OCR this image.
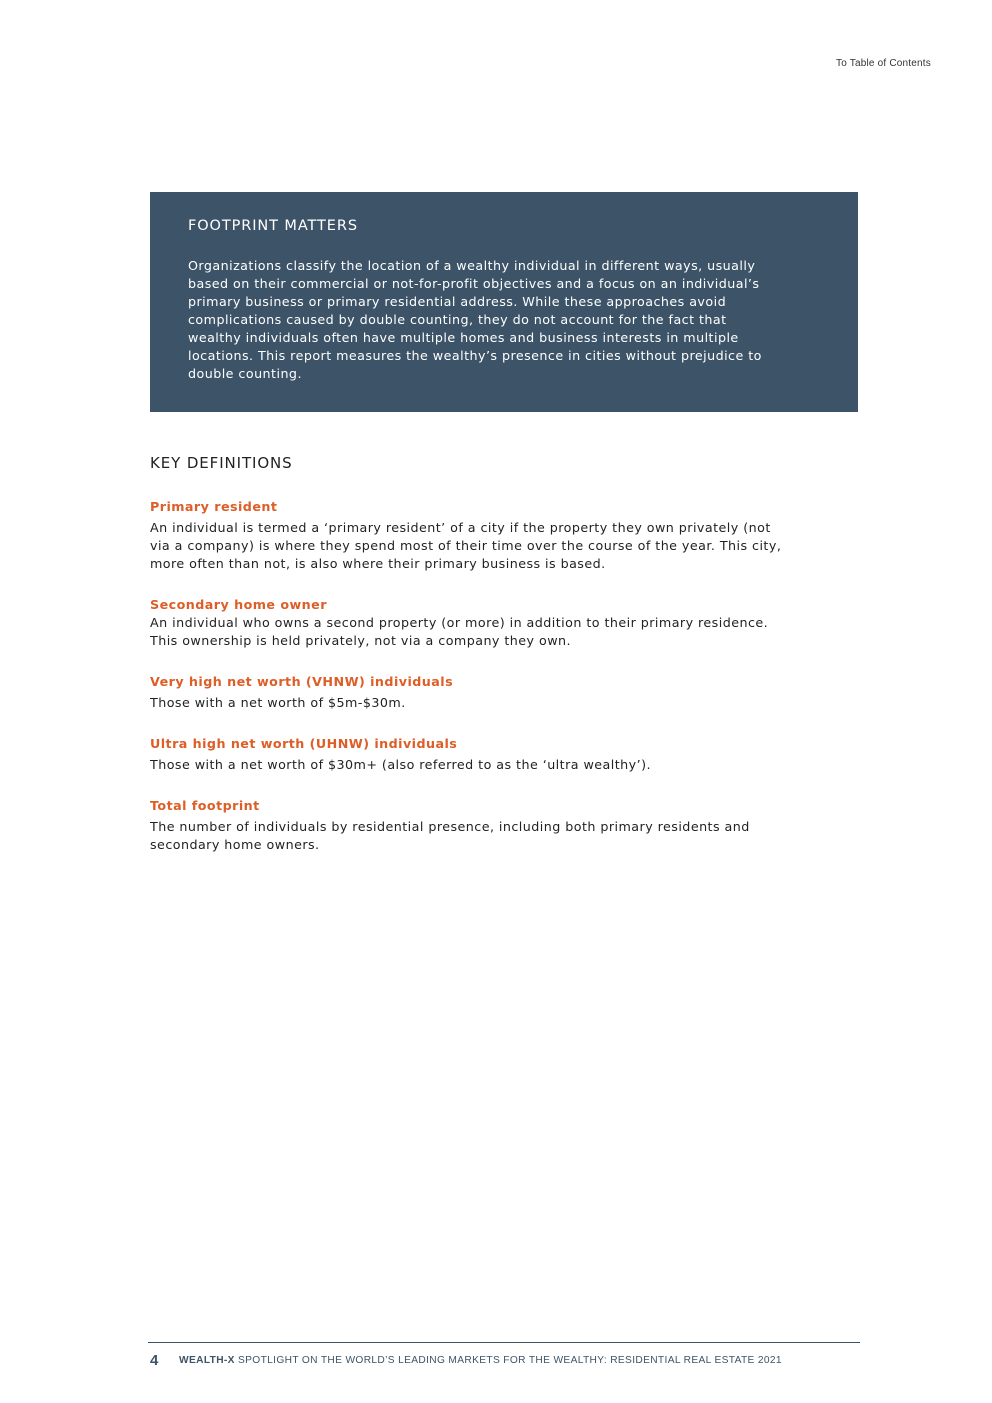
To Table of Contents
FOOTPRINT MATTERS

Organizations classify the location of a wealthy individual in different ways, usually
based on their commercial or not-for-profit objectives and a focus on an individual’s
primary business or primary residential address. While these approaches avoid
complications caused by double counting, they do not account for the fact that
wealthy individuals often have multiple homes and business interests in multiple
locations. This report measures the wealthy’s presence in cities without prejudice to
double counting.

KEY DEFINITIONS

Primary resident

An individual is termed a ‘primary resident’ of a city if the property they own privately (not
via a company) is where they spend most of their time over the course of the year. This city,
more often than not, is also where their primary business is based.

Secondary home owner

An individual who owns a second property (or more) in addition to their primary residence.
This ownership is held privately, not via a company they own.

Very high net worth (VHNW) individuals

Those with a net worth of $5m-$30m.

Ultra high net worth (UHNW) individuals

Those with a net worth of $30m+ (also referred to as the ‘ultra wealthy’).

Total footprint

The number of individuals by residential presence, including both primary residents and
secondary home owners.

4 WEALTH-X SPOTLIGHT ON THE WORLD’S LEADING MARKETS FOR THE WEALTHY: RESIDENTIAL REAL ESTATE 2021
